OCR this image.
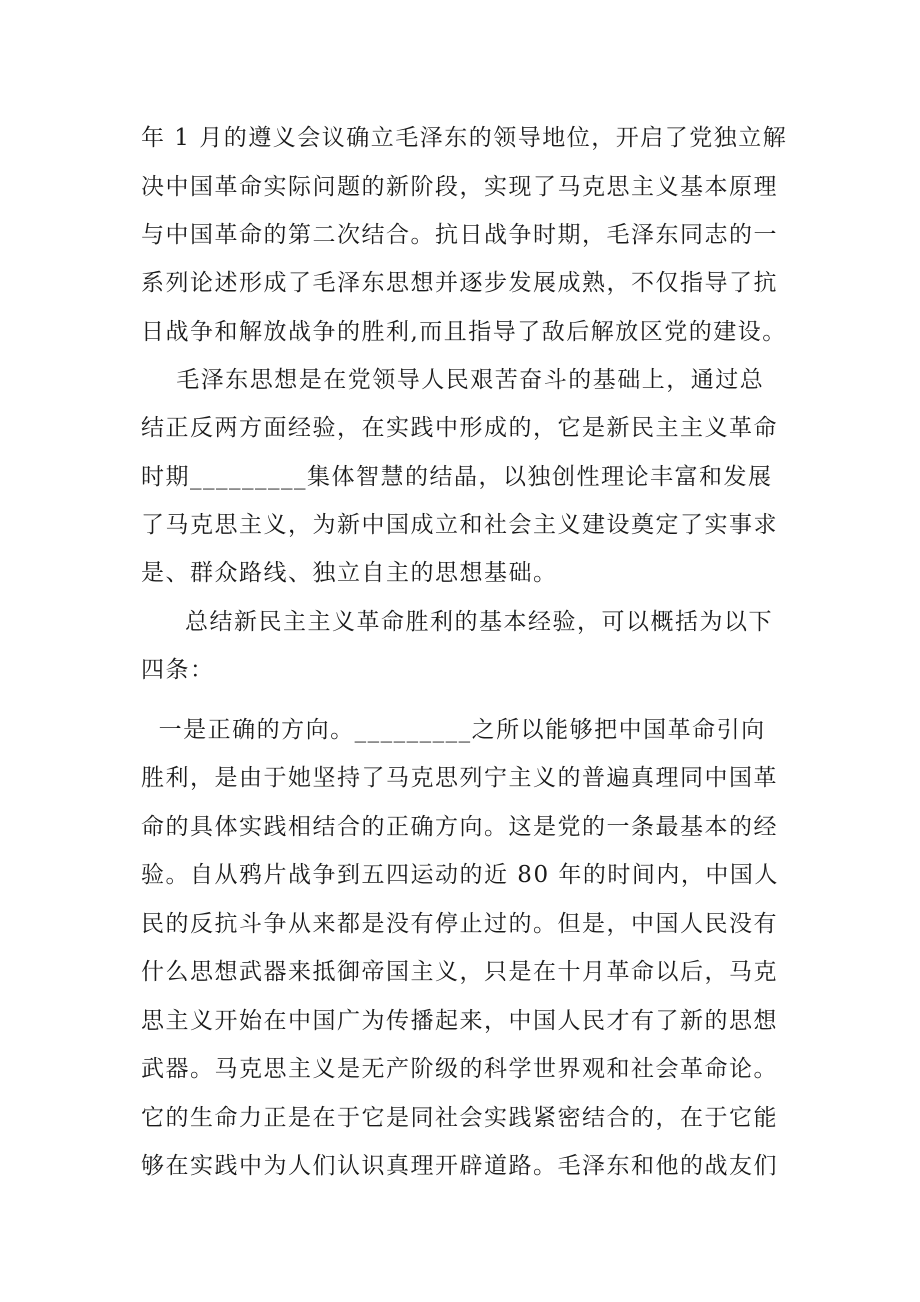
年 1 月的遵义会议确立毛泽东的领导地位，开启了党独立解
决中国革命实际问题的新阶段，实现了马克思主义基本原理
与中国革命的第二次结合。抗日战争时期，毛泽东同志的一
系列论述形成了毛泽东思想并逐步发展成熟，不仅指导了抗
日战争和解放战争的胜利,而且指导了敌后解放区党的建设。
毛泽东思想是在党领导人民艰苦奋斗的基础上，通过总
结正反两方面经验，在实践中形成的，它是新民主主义革命
时期_________集体智慧的结晶，以独创性理论丰富和发展
了马克思主义，为新中国成立和社会主义建设奠定了实事求
是、群众路线、独立自主的思想基础。
总结新民主主义革命胜利的基本经验，可以概括为以下
四条：
一是正确的方向。_________之所以能够把中国革命引向
胜利，是由于她坚持了马克思列宁主义的普遍真理同中国革
命的具体实践相结合的正确方向。这是党的一条最基本的经
验。自从鸦片战争到五四运动的近 80 年的时间内，中国人
民的反抗斗争从来都是没有停止过的。但是，中国人民没有
什么思想武器来抵御帝国主义，只是在十月革命以后，马克
思主义开始在中国广为传播起来，中国人民才有了新的思想
武器。马克思主义是无产阶级的科学世界观和社会革命论。
它的生命力正是在于它是同社会实践紧密结合的，在于它能
够在实践中为人们认识真理开辟道路。毛泽东和他的战友们
